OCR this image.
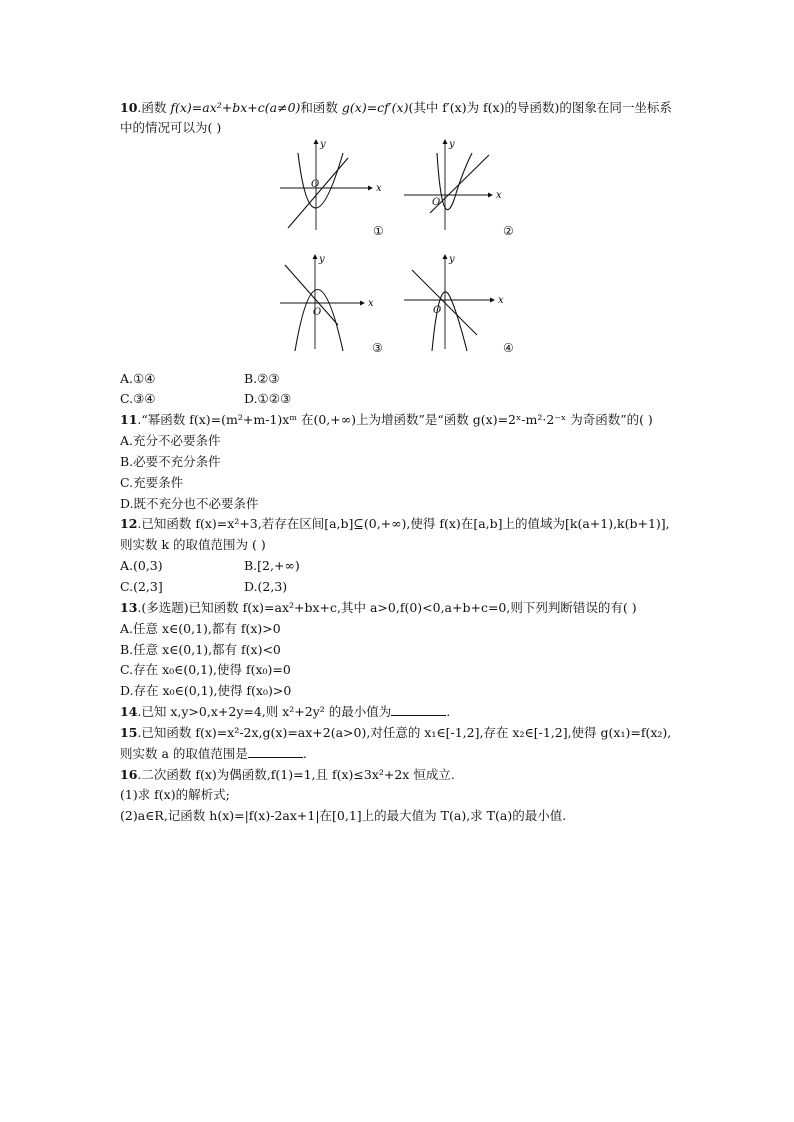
10.函数 f(x)=ax²+bx+c(a≠0)和函数 g(x)=cf′(x)(其中 f′(x)为 f(x)的导函数)的图象在同一坐标系
中的情况可以为( )
x
y
O
①
x
y
O
②
x
y
O
③
x
y
O
④
A.①④	B.②③
C.③④	D.①②③
11.“幂函数 f(x)=(m²+m-1)xᵐ 在(0,+∞)上为增函数”是“函数 g(x)=2ˣ-m²·2⁻ˣ 为奇函数”的( )
A.充分不必要条件
B.必要不充分条件
C.充要条件
D.既不充分也不必要条件
12.已知函数 f(x)=x²+3,若存在区间[a,b]⊆(0,+∞),使得 f(x)在[a,b]上的值域为[k(a+1),k(b+1)],
则实数 k 的取值范围为 ( )
A.(0,3)	B.[2,+∞)
C.(2,3]	D.(2,3)
13.(多选题)已知函数 f(x)=ax²+bx+c,其中 a>0,f(0)<0,a+b+c=0,则下列判断错误的有( )
A.任意 x∈(0,1),都有 f(x)>0
B.任意 x∈(0,1),都有 f(x)<0
C.存在 x₀∈(0,1),使得 f(x₀)=0
D.存在 x₀∈(0,1),使得 f(x₀)>0
14.已知 x,y>0,x+2y=4,则 x²+2y² 的最小值为	.
15.已知函数 f(x)=x²-2x,g(x)=ax+2(a>0),对任意的 x₁∈[-1,2],存在 x₂∈[-1,2],使得 g(x₁)=f(x₂),
则实数 a 的取值范围是	.
16.二次函数 f(x)为偶函数,f(1)=1,且 f(x)≤3x²+2x 恒成立.
(1)求 f(x)的解析式;
(2)a∈R,记函数 h(x)=|f(x)-2ax+1|在[0,1]上的最大值为 T(a),求 T(a)的最小值.
